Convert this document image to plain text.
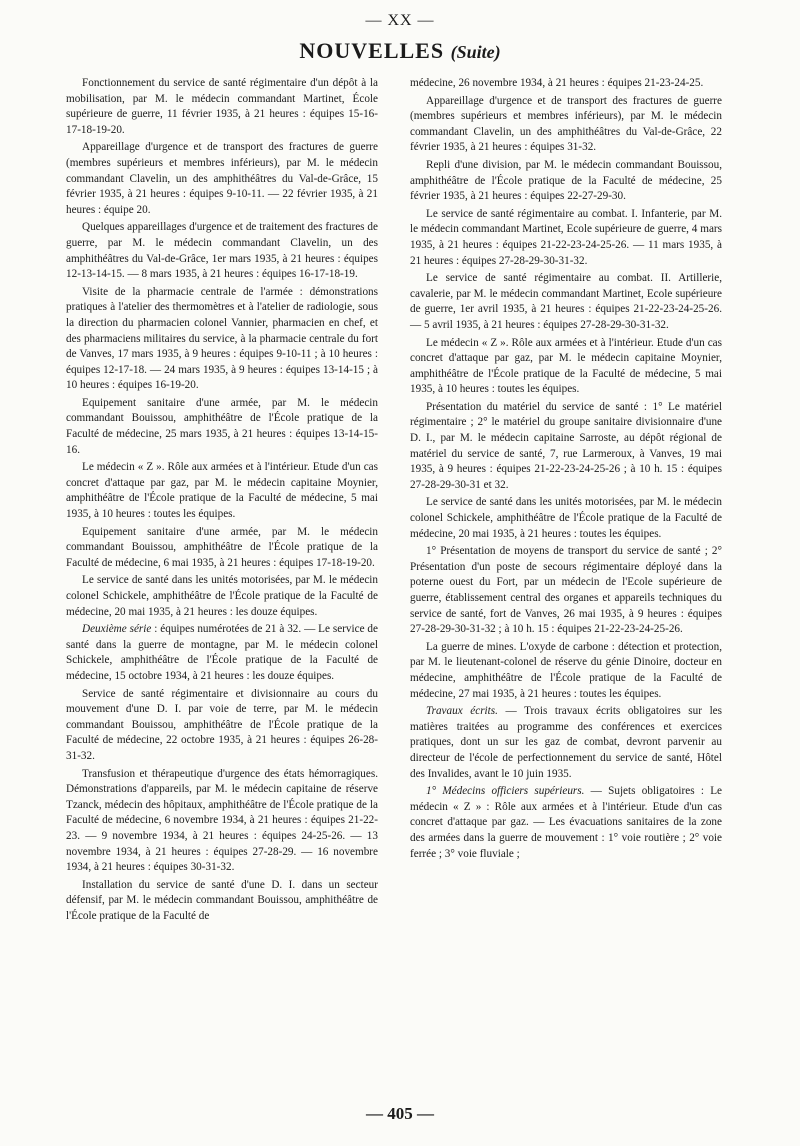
— XX —
NOUVELLES (Suite)

Fonctionnement du service de santé régimentaire d'un dépôt à la mobilisation, par M. le médecin commandant Martinet, École supérieure de guerre, 11 février 1935, à 21 heures : équipes 15-16-17-18-19-20.

Appareillage d'urgence et de transport des fractures de guerre (membres supérieurs et membres inférieurs), par M. le médecin commandant Clavelin, un des amphithéâtres du Val-de-Grâce, 15 février 1935, à 21 heures : équipes 9-10-11. — 22 février 1935, à 21 heures : équipe 20.

Quelques appareillages d'urgence et de traitement des fractures de guerre, par M. le médecin commandant Clavelin, un des amphithéâtres du Val-de-Grâce, 1er mars 1935, à 21 heures : équipes 12-13-14-15. — 8 mars 1935, à 21 heures : équipes 16-17-18-19.

Visite de la pharmacie centrale de l'armée : démonstrations pratiques à l'atelier des thermomètres et à l'atelier de radiologie, sous la direction du pharmacien colonel Vannier, pharmacien en chef, et des pharmaciens militaires du service, à la pharmacie centrale du fort de Vanves, 17 mars 1935, à 9 heures : équipes 9-10-11 ; à 10 heures : équipes 12-17-18. — 24 mars 1935, à 9 heures : équipes 13-14-15 ; à 10 heures : équipes 16-19-20.

Equipement sanitaire d'une armée, par M. le médecin commandant Bouissou, amphithéâtre de l'École pratique de la Faculté de médecine, 25 mars 1935, à 21 heures : équipes 13-14-15-16.

Le médecin « Z ». Rôle aux armées et à l'intérieur. Etude d'un cas concret d'attaque par gaz, par M. le médecin capitaine Moynier, amphithéâtre de l'École pratique de la Faculté de médecine, 5 mai 1935, à 10 heures : toutes les équipes.

Equipement sanitaire d'une armée, par M. le médecin commandant Bouissou, amphithéâtre de l'École pratique de la Faculté de médecine, 6 mai 1935, à 21 heures : équipes 17-18-19-20.

Le service de santé dans les unités motorisées, par M. le médecin colonel Schickele, amphithéâtre de l'École pratique de la Faculté de médecine, 20 mai 1935, à 21 heures : les douze équipes.

Deuxième série : équipes numérotées de 21 à 32. — Le service de santé dans la guerre de montagne, par M. le médecin colonel Schickele, amphithéâtre de l'École pratique de la Faculté de médecine, 15 octobre 1934, à 21 heures : les douze équipes.

Service de santé régimentaire et divisionnaire au cours du mouvement d'une D. I. par voie de terre, par M. le médecin commandant Bouissou, amphithéâtre de l'École pratique de la Faculté de médecine, 22 octobre 1935, à 21 heures : équipes 26-28-31-32.

Transfusion et thérapeutique d'urgence des états hémorragiques. Démonstrations d'appareils, par M. le médecin capitaine de réserve Tzanck, médecin des hôpitaux, amphithéâtre de l'École pratique de la Faculté de médecine, 6 novembre 1934, à 21 heures : équipes 21-22-23. — 9 novembre 1934, à 21 heures : équipes 24-25-26. — 13 novembre 1934, à 21 heures : équipes 27-28-29. — 16 novembre 1934, à 21 heures : équipes 30-31-32.

Installation du service de santé d'une D. I. dans un secteur défensif, par M. le médecin commandant Bouissou, amphithéâtre de l'École pratique de la Faculté de

médecine, 26 novembre 1934, à 21 heures : équipes 21-23-24-25.

Appareillage d'urgence et de transport des fractures de guerre (membres supérieurs et membres inférieurs), par M. le médecin commandant Clavelin, un des amphithéâtres du Val-de-Grâce, 22 février 1935, à 21 heures : équipes 31-32.

Repli d'une division, par M. le médecin commandant Bouissou, amphithéâtre de l'École pratique de la Faculté de médecine, 25 février 1935, à 21 heures : équipes 22-27-29-30.

Le service de santé régimentaire au combat. I. Infanterie, par M. le médecin commandant Martinet, Ecole supérieure de guerre, 4 mars 1935, à 21 heures : équipes 21-22-23-24-25-26. — 11 mars 1935, à 21 heures : équipes 27-28-29-30-31-32.

Le service de santé régimentaire au combat. II. Artillerie, cavalerie, par M. le médecin commandant Martinet, Ecole supérieure de guerre, 1er avril 1935, à 21 heures : équipes 21-22-23-24-25-26. — 5 avril 1935, à 21 heures : équipes 27-28-29-30-31-32.

Le médecin « Z ». Rôle aux armées et à l'intérieur. Etude d'un cas concret d'attaque par gaz, par M. le médecin capitaine Moynier, amphithéâtre de l'École pratique de la Faculté de médecine, 5 mai 1935, à 10 heures : toutes les équipes.

Présentation du matériel du service de santé : 1° Le matériel régimentaire ; 2° le matériel du groupe sanitaire divisionnaire d'une D. I., par M. le médecin capitaine Sarroste, au dépôt régional de matériel du service de santé, 7, rue Larmeroux, à Vanves, 19 mai 1935, à 9 heures : équipes 21-22-23-24-25-26 ; à 10 h. 15 : équipes 27-28-29-30-31 et 32.

Le service de santé dans les unités motorisées, par M. le médecin colonel Schickele, amphithéâtre de l'École pratique de la Faculté de médecine, 20 mai 1935, à 21 heures : toutes les équipes.

1° Présentation de moyens de transport du service de santé ; 2° Présentation d'un poste de secours régimentaire déployé dans la poterne ouest du Fort, par un médecin de l'Ecole supérieure de guerre, établissement central des organes et appareils techniques du service de santé, fort de Vanves, 26 mai 1935, à 9 heures : équipes 27-28-29-30-31-32 ; à 10 h. 15 : équipes 21-22-23-24-25-26.

La guerre de mines. L'oxyde de carbone : détection et protection, par M. le lieutenant-colonel de réserve du génie Dinoire, docteur en médecine, amphithéâtre de l'École pratique de la Faculté de médecine, 27 mai 1935, à 21 heures : toutes les équipes.

Travaux écrits. — Trois travaux écrits obligatoires sur les matières traitées au programme des conférences et exercices pratiques, dont un sur les gaz de combat, devront parvenir au directeur de l'école de perfectionnement du service de santé, Hôtel des Invalides, avant le 10 juin 1935.

1° Médecins officiers supérieurs. — Sujets obligatoires : Le médecin « Z » : Rôle aux armées et à l'intérieur. Etude d'un cas concret d'attaque par gaz. — Les évacuations sanitaires de la zone des armées dans la guerre de mouvement : 1° voie routière ; 2° voie ferrée ; 3° voie fluviale ;

— 405 —
